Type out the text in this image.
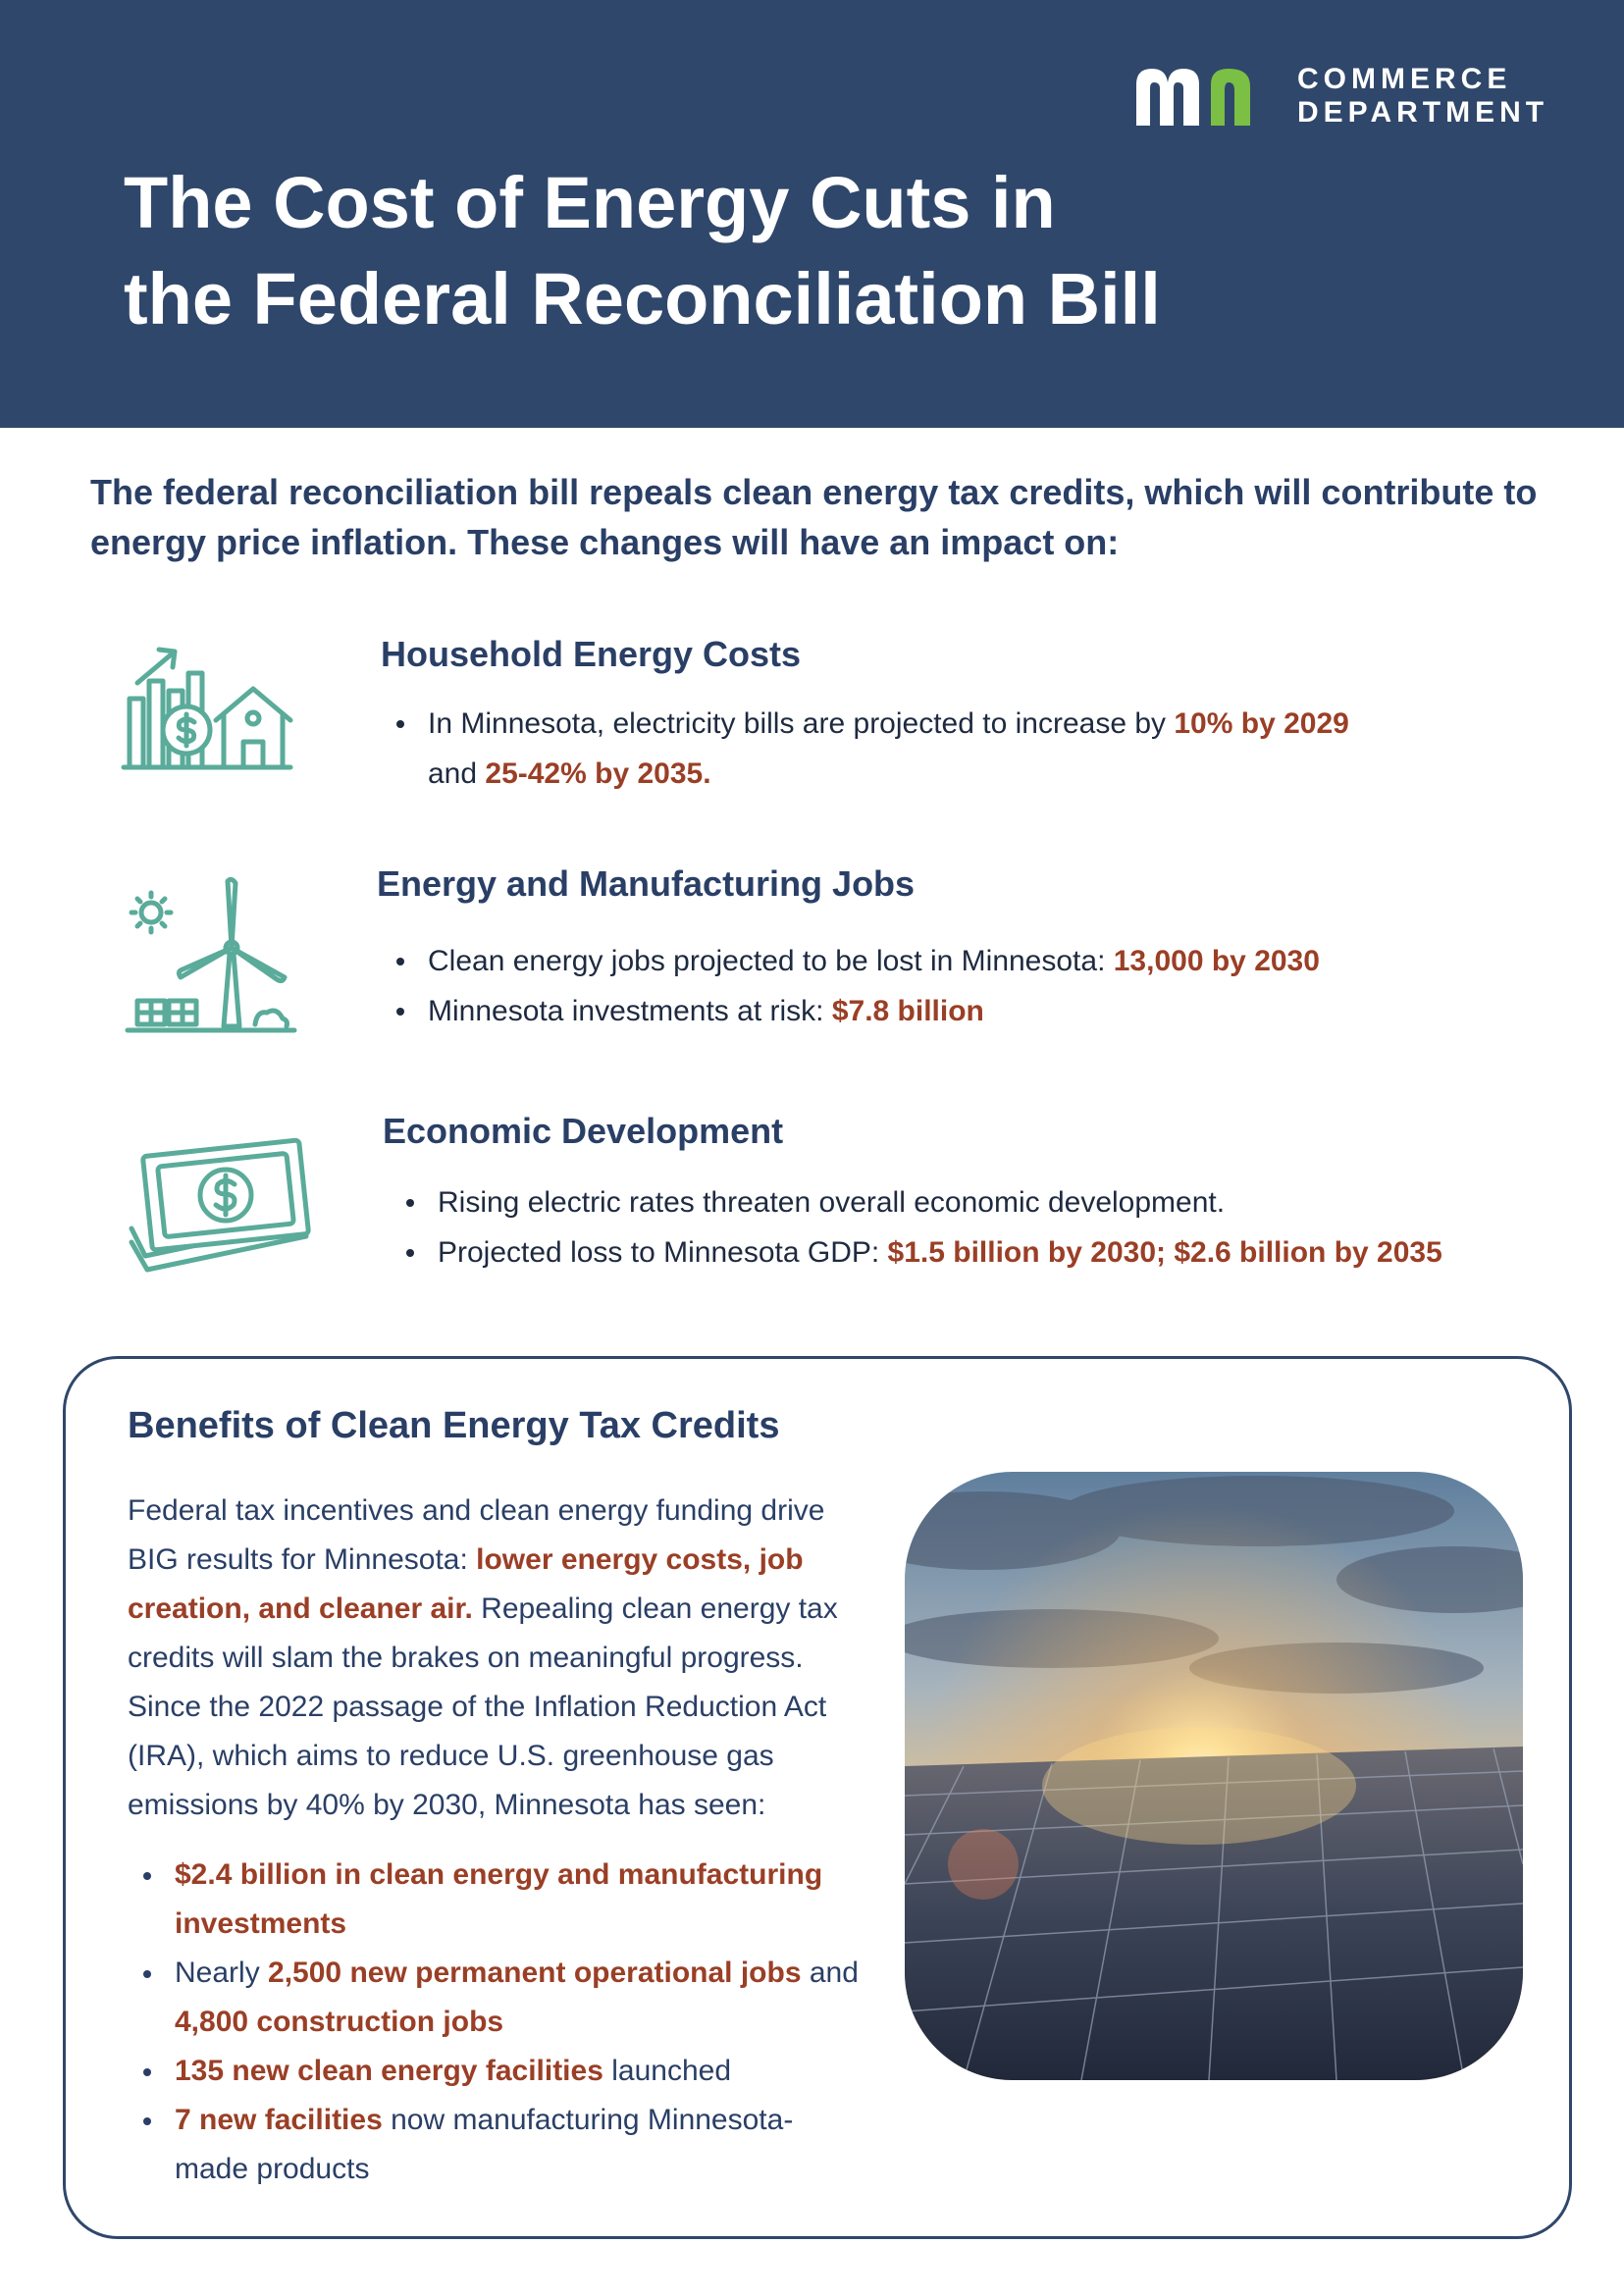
COMMERCE
DEPARTMENT
The Cost of Energy Cuts in
the Federal Reconciliation Bill

The federal reconciliation bill repeals clean energy tax credits, which will contribute to energy price inflation. These changes will have an impact on:

Household Energy Costs
In Minnesota, electricity bills are projected to increase by 10% by 2029
and 25-42% by 2035.
Energy and Manufacturing Jobs
Clean energy jobs projected to be lost in Minnesota: 13,000 by 2030
Minnesota investments at risk: $7.8 billion
Economic Development
Rising electric rates threaten overall economic development.
Projected loss to Minnesota GDP: $1.5 billion by 2030; $2.6 billion by 2035
Benefits of Clean Energy Tax Credits

Federal tax incentives and clean energy funding drive BIG results for Minnesota: lower energy costs, job creation, and cleaner air. Repealing clean energy tax credits will slam the brakes on meaningful progress. Since the 2022 passage of the Inflation Reduction Act (IRA), which aims to reduce U.S. greenhouse gas emissions by 40% by 2030, Minnesota has seen:

$2.4 billion in clean energy and manufacturing investments
Nearly 2,500 new permanent operational jobs and 4,800 construction jobs
135 new clean energy facilities launched
7 new facilities now manufacturing Minnesota-made products
